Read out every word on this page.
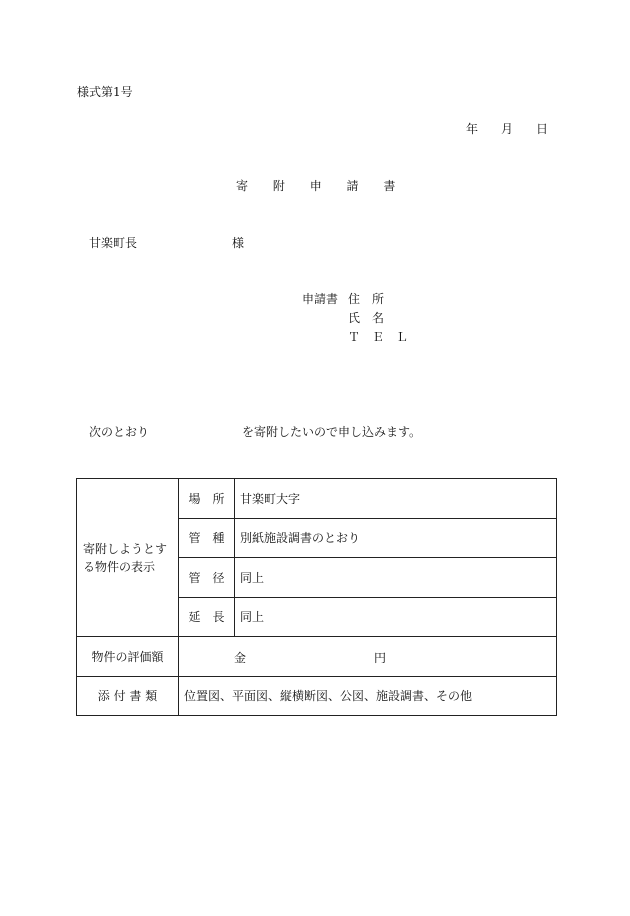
様式第1号
年 月 日
寄 附 申 請 書
甘楽町長	様
申請書 住　所
氏　名
Ｔ　Ｅ　Ｌ
次のとおり	を寄附したいので申し込みます。
寄附しようとする物件の表示	場　所	甘楽町大字
	管　種	別紙施設調書のとおり
	管　径	同上
	延　長	同上
物件の評価額	金 円	

添 付 書 類	位置図、平面図、縦横断図、公図、施設調書、その他	
